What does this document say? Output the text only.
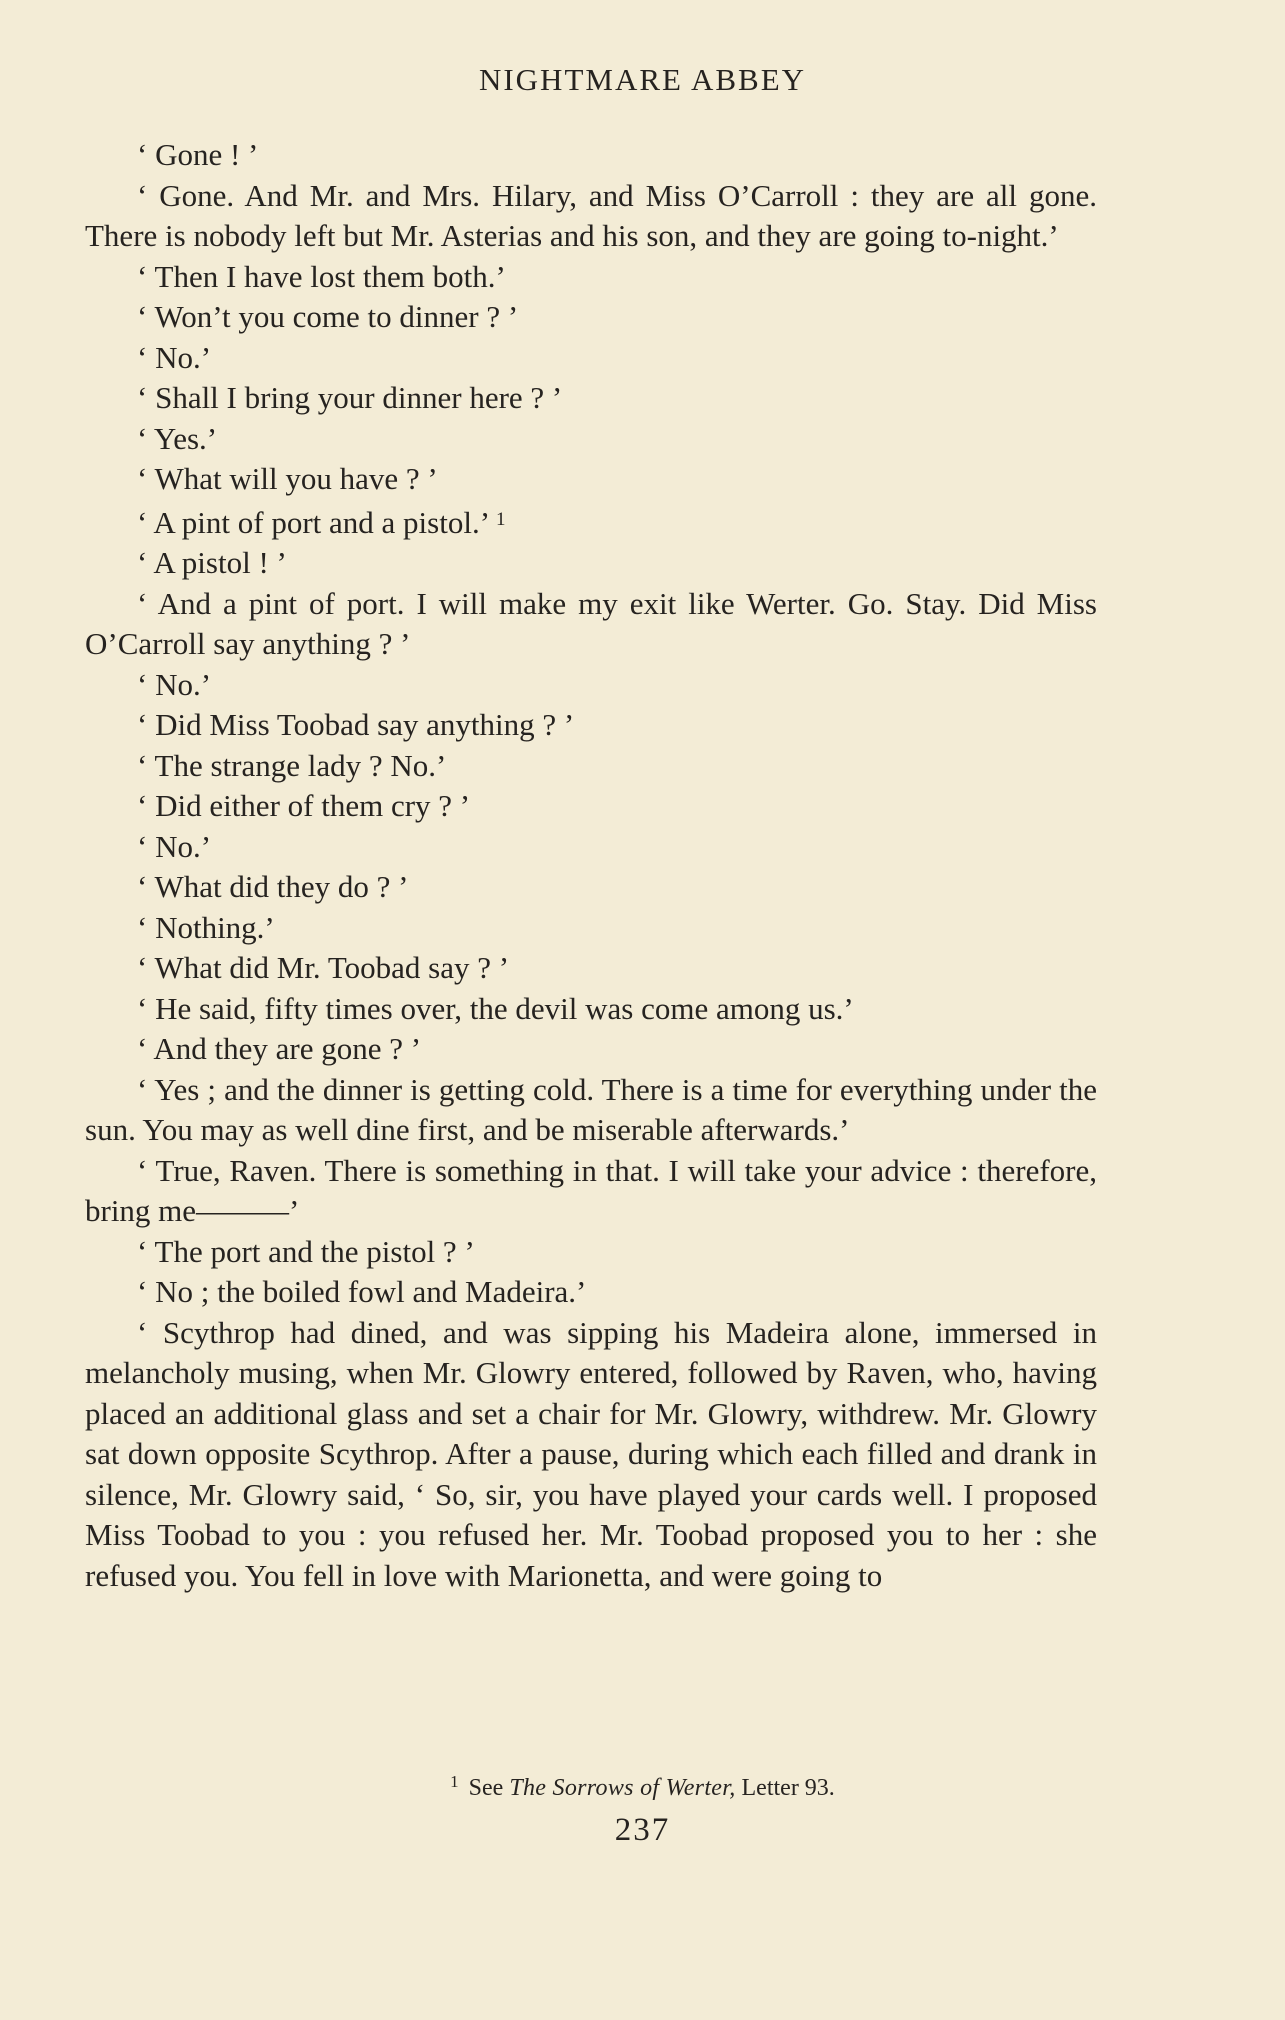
NIGHTMARE ABBEY

‘ Gone ! ’

‘ Gone. And Mr. and Mrs. Hilary, and Miss O’Carroll : they are all gone. There is nobody left but Mr. Asterias and his son, and they are going to-night.’

‘ Then I have lost them both.’

‘ Won’t you come to dinner ? ’

‘ No.’

‘ Shall I bring your dinner here ? ’

‘ Yes.’

‘ What will you have ? ’

‘ A pint of port and a pistol.’ $^1$

‘ A pistol ! ’

‘ And a pint of port. I will make my exit like Werter. Go. Stay. Did Miss O’Carroll say anything ? ’

‘ No.’

‘ Did Miss Toobad say anything ? ’

‘ The strange lady ? No.’

‘ Did either of them cry ? ’

‘ No.’

‘ What did they do ? ’

‘ Nothing.’

‘ What did Mr. Toobad say ? ’

‘ He said, fifty times over, the devil was come among us.’

‘ And they are gone ? ’

‘ Yes ; and the dinner is getting cold. There is a time for everything under the sun. You may as well dine first, and be miserable afterwards.’

‘ True, Raven. There is something in that. I will take your advice : therefore, bring me———’

‘ The port and the pistol ? ’

‘ No ; the boiled fowl and Madeira.’

‘ Scythrop had dined, and was sipping his Madeira alone, immersed in melancholy musing, when Mr. Glowry entered, followed by Raven, who, having placed an additional glass and set a chair for Mr. Glowry, withdrew. Mr. Glowry sat down opposite Scythrop. After a pause, during which each filled and drank in silence, Mr. Glowry said, ‘ So, sir, you have played your cards well. I proposed Miss Toobad to you : you refused her. Mr. Toobad proposed you to her : she refused you. You fell in love with Marionetta, and were going to

$^1$ See The Sorrows of Werter, Letter 93.
237
